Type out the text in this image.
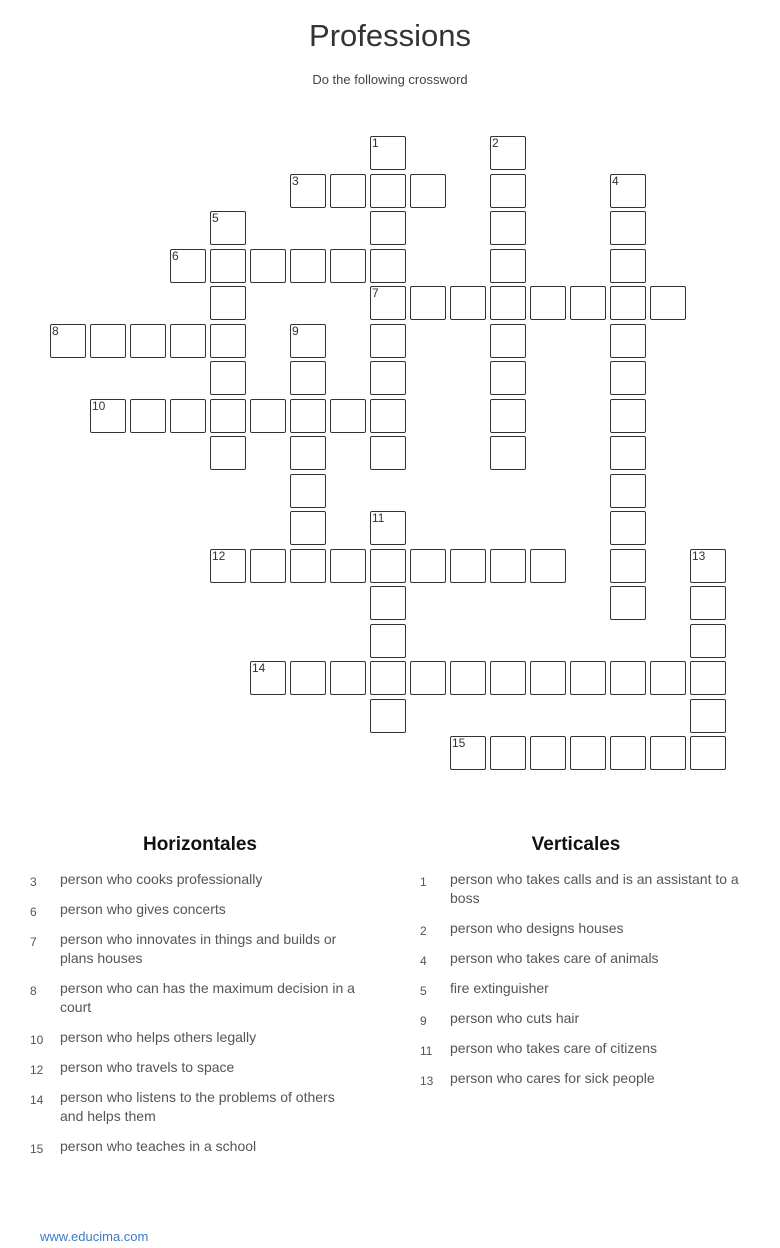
Professions
Do the following crossword
1
7
2
3	4
5
6
8	9
10
11
12	13
14
15
Horizontales	Verticales
3	person who cooks professionally
6	person who gives concerts
7	person who innovates in things and builds or plans houses
8	person who can has the maximum decision in a court
10	person who helps others legally
12	person who travels to space
14	person who listens to the problems of others and helps them
15	person who teaches in a school
1	person who takes calls and is an assistant to a boss
2	person who designs houses
4	person who takes care of animals
5	fire extinguisher
9	person who cuts hair
11	person who takes care of citizens
13	person who cares for sick people
www.educima.com
